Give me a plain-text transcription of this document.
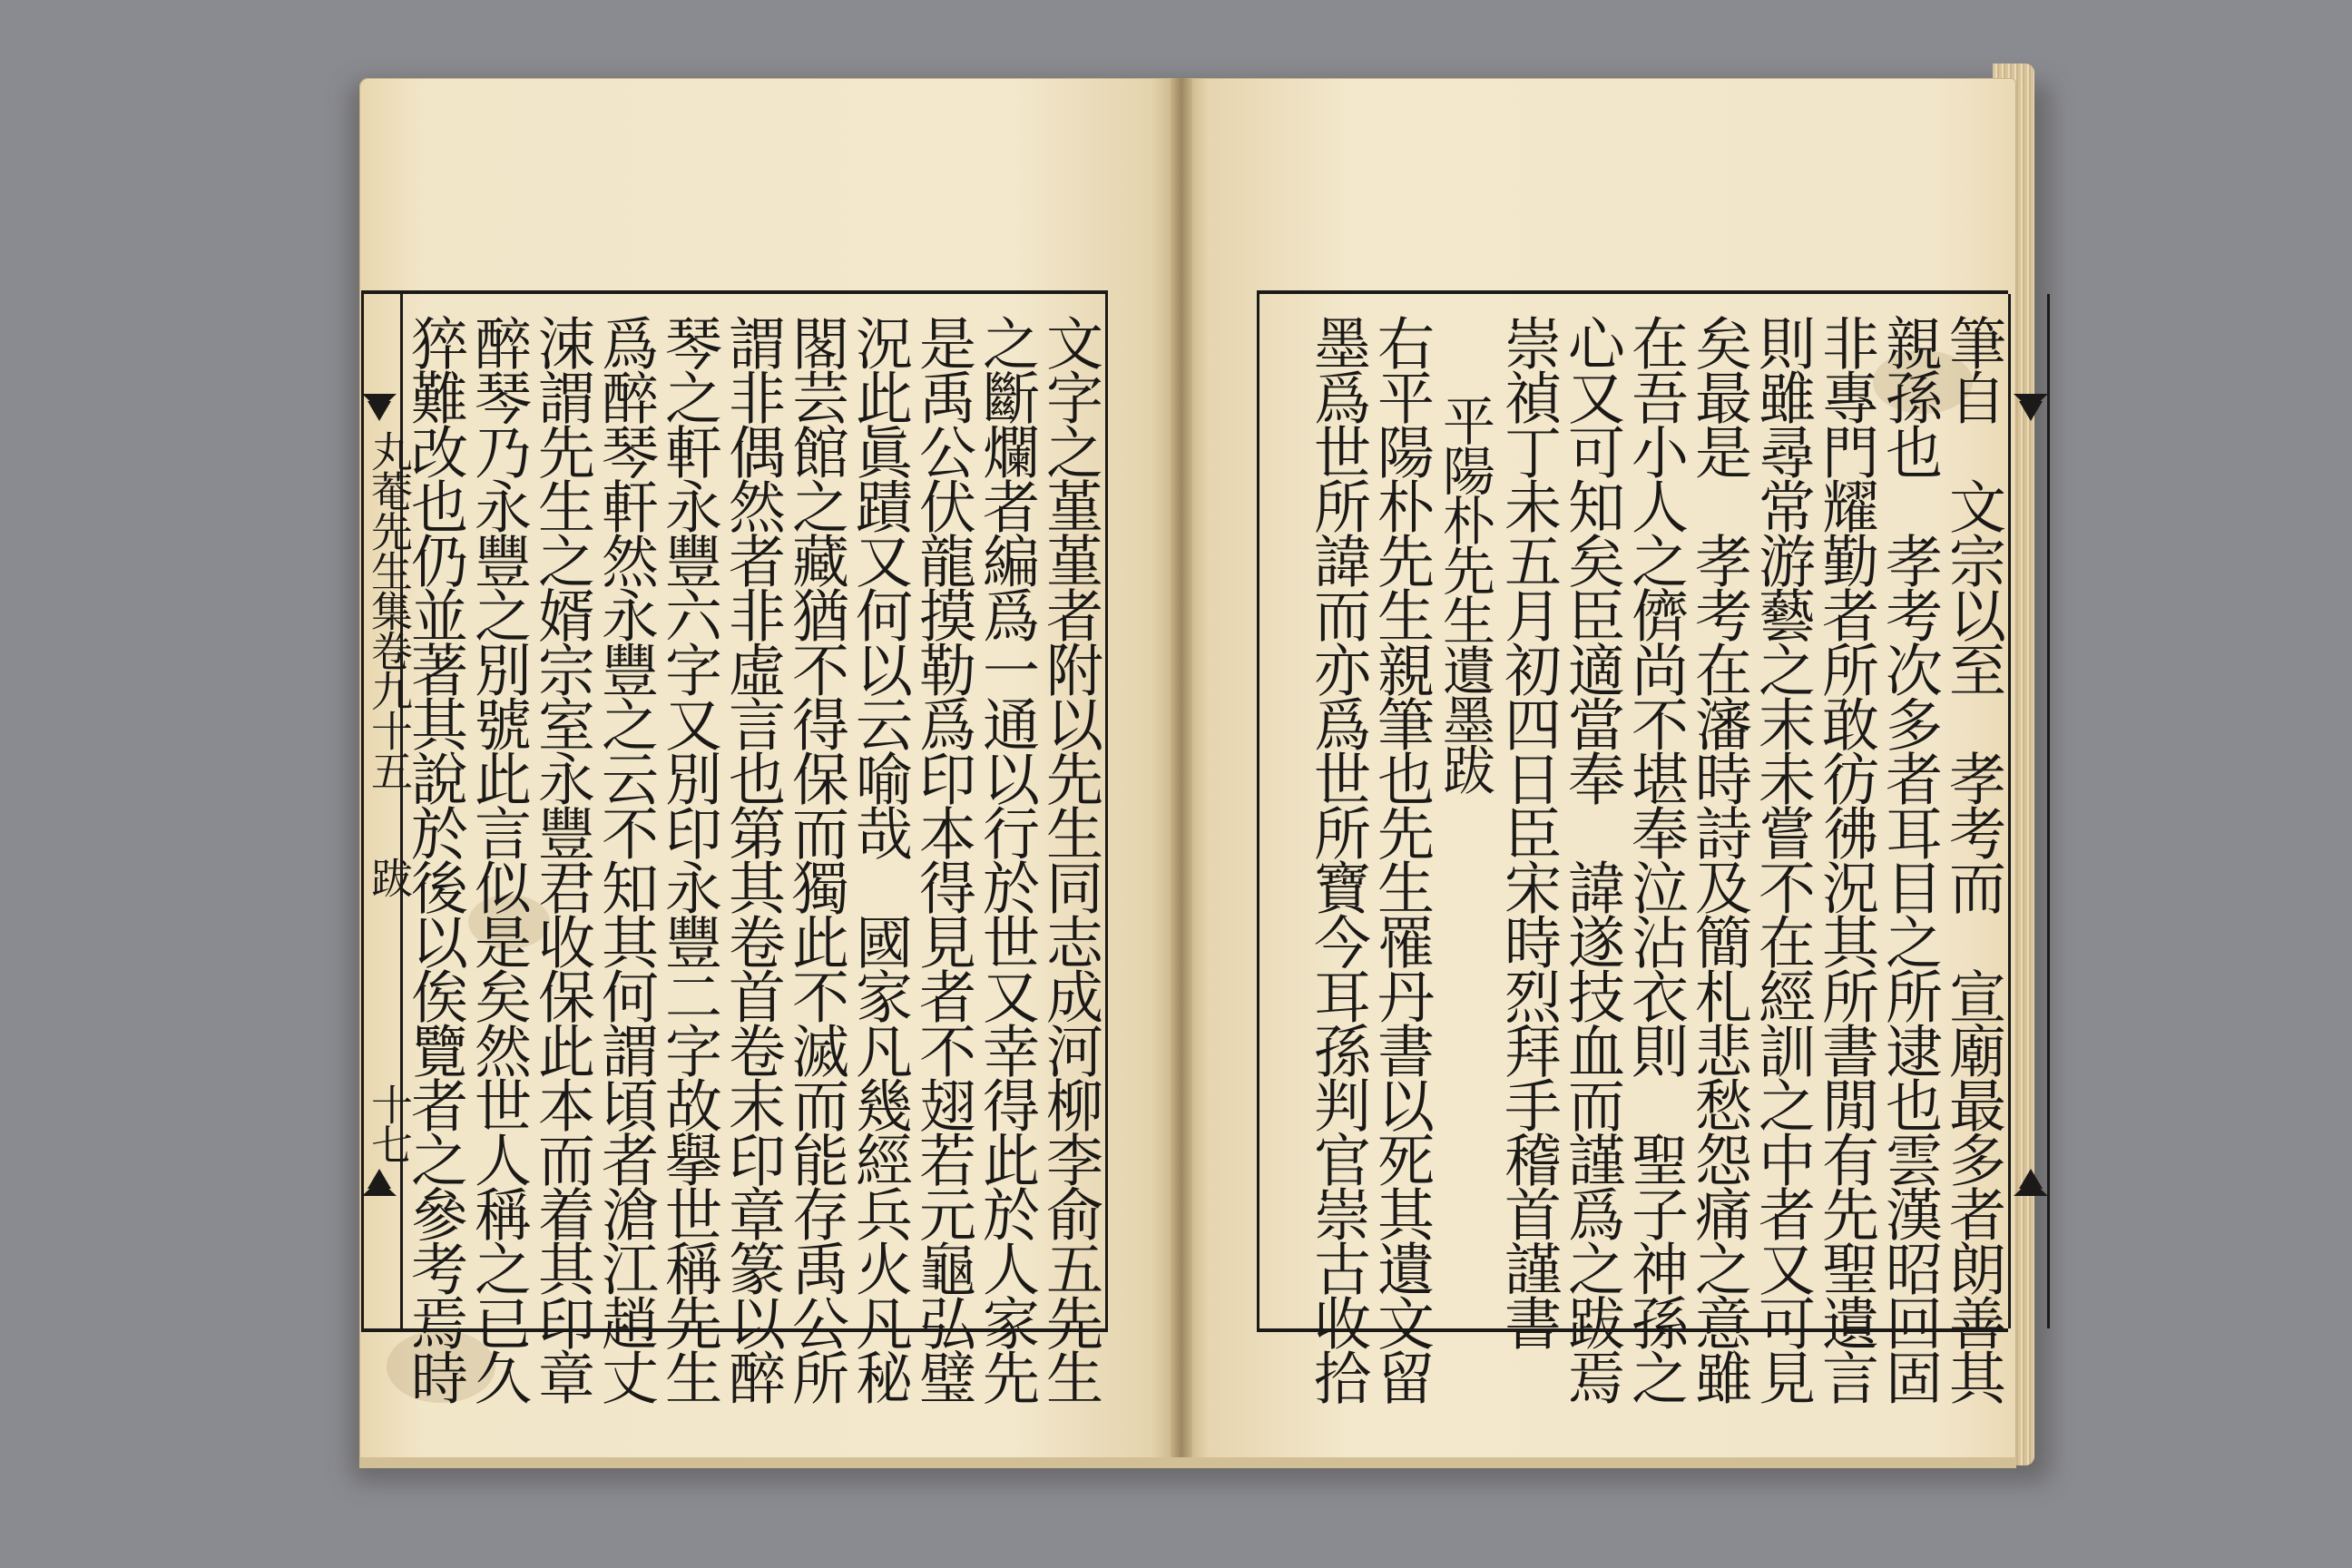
丸菴先生集卷九十五
跋
十七	文字之堇堇者附以先生同志成河柳李俞五先生
之斷爛者編爲一通以行於世又幸得此於人家先
是禹公伏龍摸勒爲印本得見者不翅若元龜弘璧
況此眞蹟又何以云喻哉　國家凡幾經兵火凡秘
閣芸館之藏猶不得保而獨此不滅而能存禹公所
謂非偶然者非虛言也第其卷首卷末印章篆以醉
琴之軒永豐六字又別印永豐二字故擧世稱先生
爲醉琴軒然永豐之云不知其何謂頃者滄江趙丈
涑謂先生之婿宗室永豐君收保此本而着其印章
醉琴乃永豐之別號此言似是矣然世人稱之已久
猝難改也仍並著其說於後以俟覽者之參考焉時	筆自　文宗以至　孝考而　宣廟最多者朗善其
親孫也　孝考次多者耳目之所逮也雲漢昭回固
非專門耀勤者所敢彷彿況其所書閒有先聖遺言
則雖尋常游藝之末未嘗不在經訓之中者又可見
矣最是　孝考在瀋時詩及簡札悲愁怨痛之意雖
在吾小人之儕尚不堪奉泣沾衣則　聖子神孫之
心又可知矣臣適當奉　諱遂技血而謹爲之跋焉
崇禎丁未五月初四日臣宋時烈拜手稽首謹書
平陽朴先生遺墨跋
右平陽朴先生親筆也先生罹丹書以死其遺文留
墨爲世所諱而亦爲世所寶今耳孫判官崇古收拾
